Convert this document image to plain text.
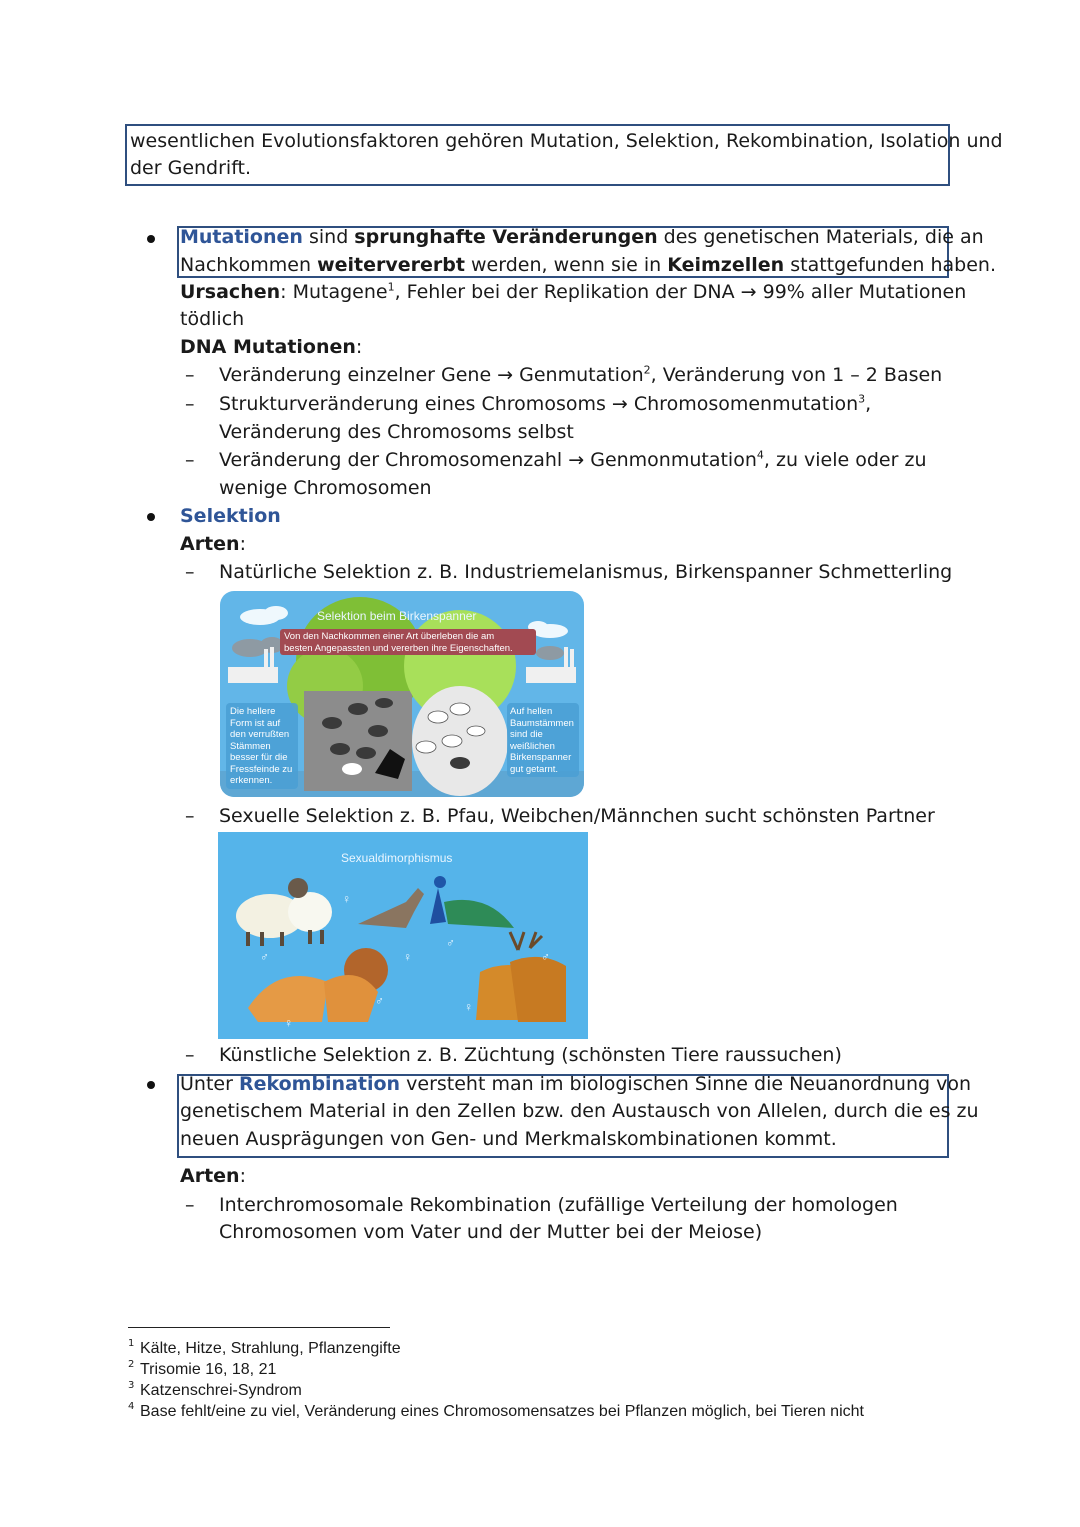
wesentlichen Evolutionsfaktoren gehören Mutation, Selektion, Rekombination, Isolation und
der Gendrift.
Mutationen sind sprunghafte Veränderungen des genetischen Materials, die an
Nachkommen weitervererbt werden, wenn sie in Keimzellen stattgefunden haben.
Ursachen: Mutagene$^1$, Fehler bei der Replikation der DNA → 99% aller Mutationen
tödlich
DNA Mutationen:
– Veränderung einzelner Gene → Genmutation$^2$, Veränderung von 1 – 2 Basen
– Strukturveränderung eines Chromosoms → Chromosomenmutation$^3$,
Veränderung des Chromosoms selbst
– Veränderung der Chromosomenzahl → Genmonmutation$^4$, zu viele oder zu
wenige Chromosomen
Selektion
Arten:
– Natürliche Selektion z. B. Industriemelanismus, Birkenspanner Schmetterling
Selektion beim Birkenspanner
Von den Nachkommen einer Art überleben die am
besten Angepassten und vererben ihre Eigenschaften.
Die hellere
Form ist auf
den verrußten
Stämmen
besser für die
Fressfeinde zu
erkennen.
Auf hellen
Baumstämmen
sind die
weißlichen
Birkenspanner
gut getarnt.
– Sexuelle Selektion z. B. Pfau, Weibchen/Männchen sucht schönsten Partner
Sexualdimorphismus
♀
♂	♀
♂
♂
♂
♀
♀
– Künstliche Selektion z. B. Züchtung (schönsten Tiere raussuchen)
Unter Rekombination versteht man im biologischen Sinne die Neuanordnung von
genetischem Material in den Zellen bzw. den Austausch von Allelen, durch die es zu
neuen Ausprägungen von Gen- und Merkmalskombinationen kommt.
Arten:
– Interchromosomale Rekombination (zufällige Verteilung der homologen
Chromosomen vom Vater und der Mutter bei der Meiose)
1 Kälte, Hitze, Strahlung, Pflanzengifte
2 Trisomie 16, 18, 21
3 Katzenschrei-Syndrom
4 Base fehlt/eine zu viel, Veränderung eines Chromosomensatzes bei Pflanzen möglich, bei Tieren nicht
